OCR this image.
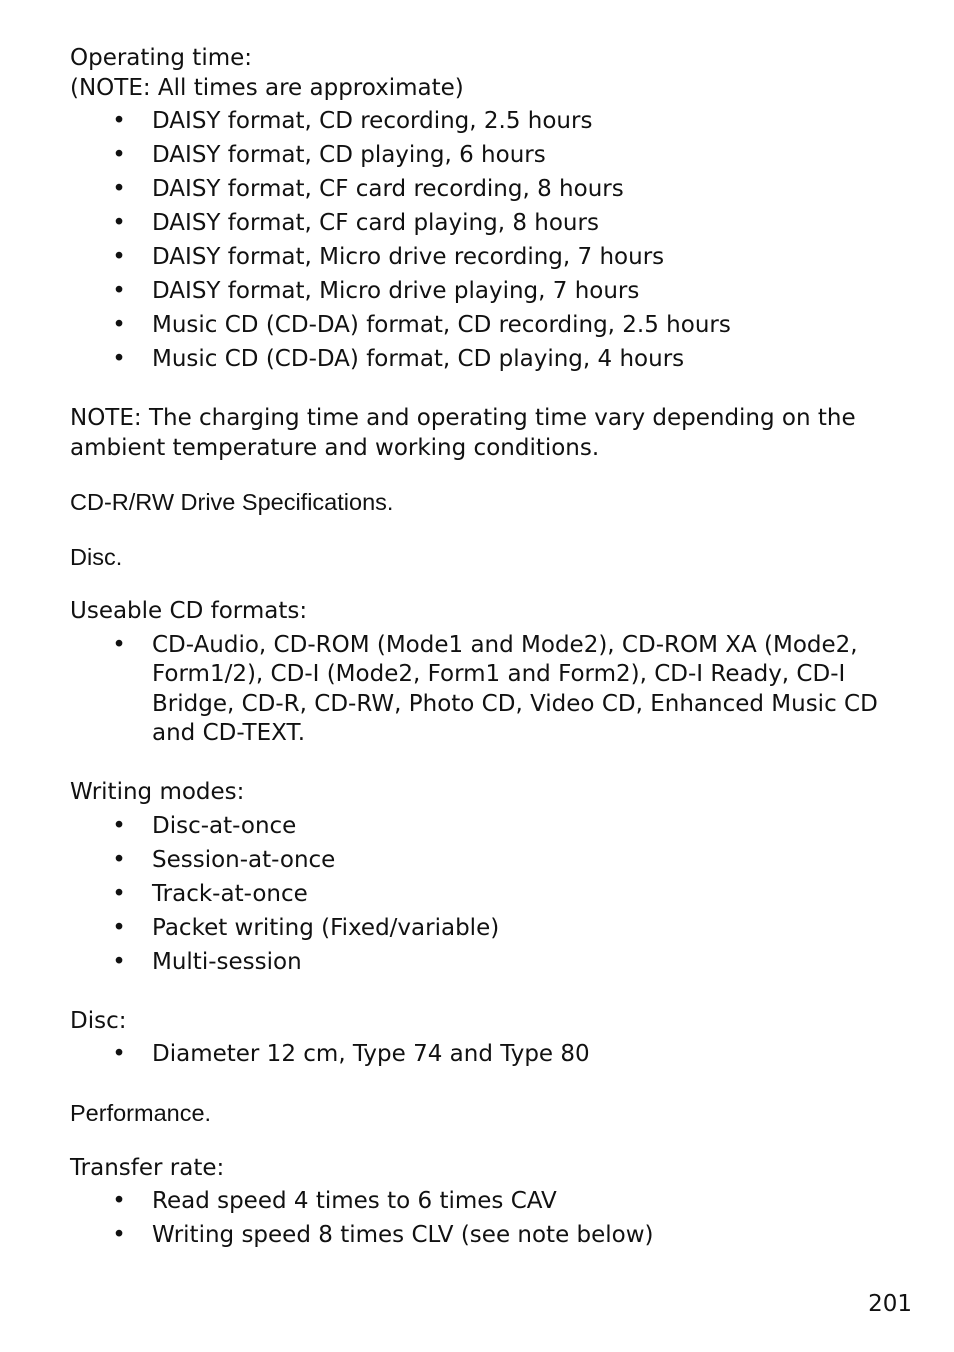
Operating time:

(NOTE: All times are approximate)

• DAISY format, CD recording, 2.5 hours
• DAISY format, CD playing, 6 hours
• DAISY format, CF card recording, 8 hours
• DAISY format, CF card playing, 8 hours
• DAISY format, Micro drive recording, 7 hours
• DAISY format, Micro drive playing, 7 hours
• Music CD (CD-DA) format, CD recording, 2.5 hours
• Music CD (CD-DA) format, CD playing, 4 hours

NOTE: The charging time and operating time vary depending on the

ambient temperature and working conditions.

CD-R/RW Drive Specifications.

Disc.

Useable CD formats:

• CD-Audio, CD-ROM (Mode1 and Mode2), CD-ROM XA (Mode2, Form1/2), CD-I (Mode2, Form1 and Form2), CD-I Ready, CD-I Bridge, CD-R, CD-RW, Photo CD, Video CD, Enhanced Music CD and CD-TEXT.

Writing modes:

• Disc-at-once
• Session-at-once
• Track-at-once
• Packet writing (Fixed/variable)
• Multi-session

Disc:

• Diameter 12 cm, Type 74 and Type 80

Performance.

Transfer rate:

• Read speed 4 times to 6 times CAV
• Writing speed 8 times CLV (see note below)
201
